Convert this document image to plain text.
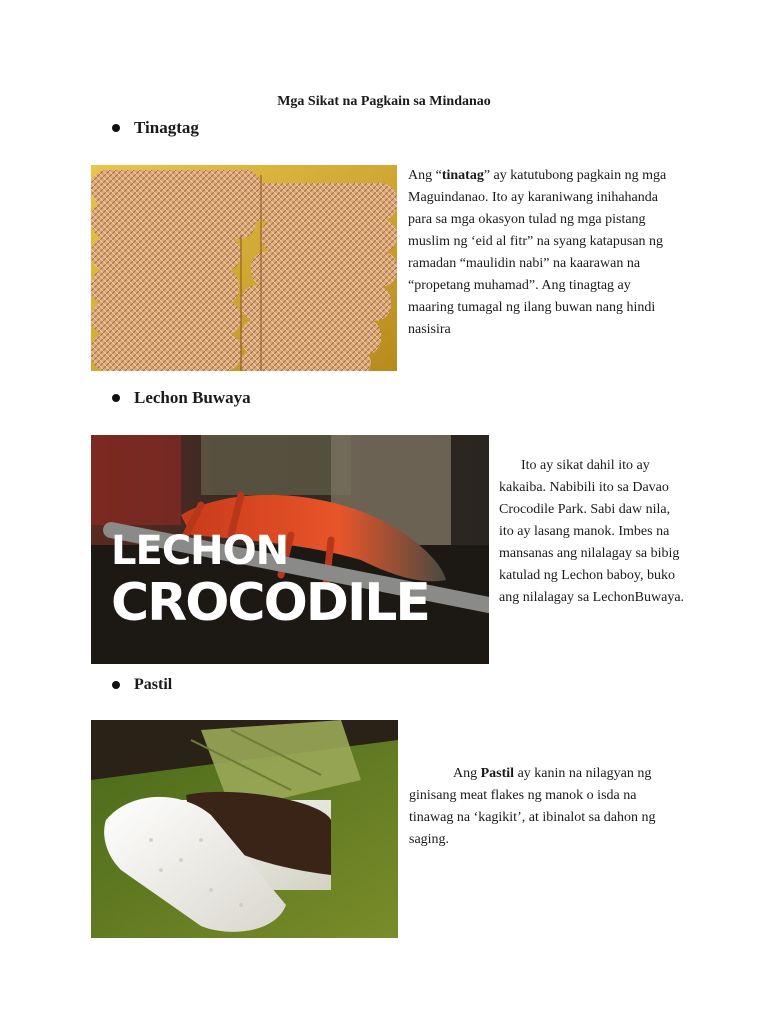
Mga Sikat na Pagkain sa Mindanao
Tinagtag
Ang “tinatag” ay katutubong pagkain ng mga Maguindanao. Ito ay karaniwang inihahanda para sa mga okasyon tulad ng mga pistang muslim ng ‘eid al fitr” na syang katapusan ng ramadan “maulidin nabi” na kaarawan na “propetang muhamad”. Ang tinagtag ay maaring tumagal ng ilang buwan nang hindi nasisira
Lechon Buwaya
LECHON
CROCODILE
Ito ay sikat dahil ito ay kakaiba. Nabibili ito sa Davao Crocodile Park. Sabi daw nila, ito ay lasang manok. Imbes na mansanas ang nilalagay sa bibig katulad ng Lechon baboy, buko ang nilalagay sa LechonBuwaya.
Pastil
Ang Pastil ay kanin na nilagyan ng ginisang meat flakes ng manok o isda na tinawag na ‘kagikit’, at ibinalot sa dahon ng saging.
